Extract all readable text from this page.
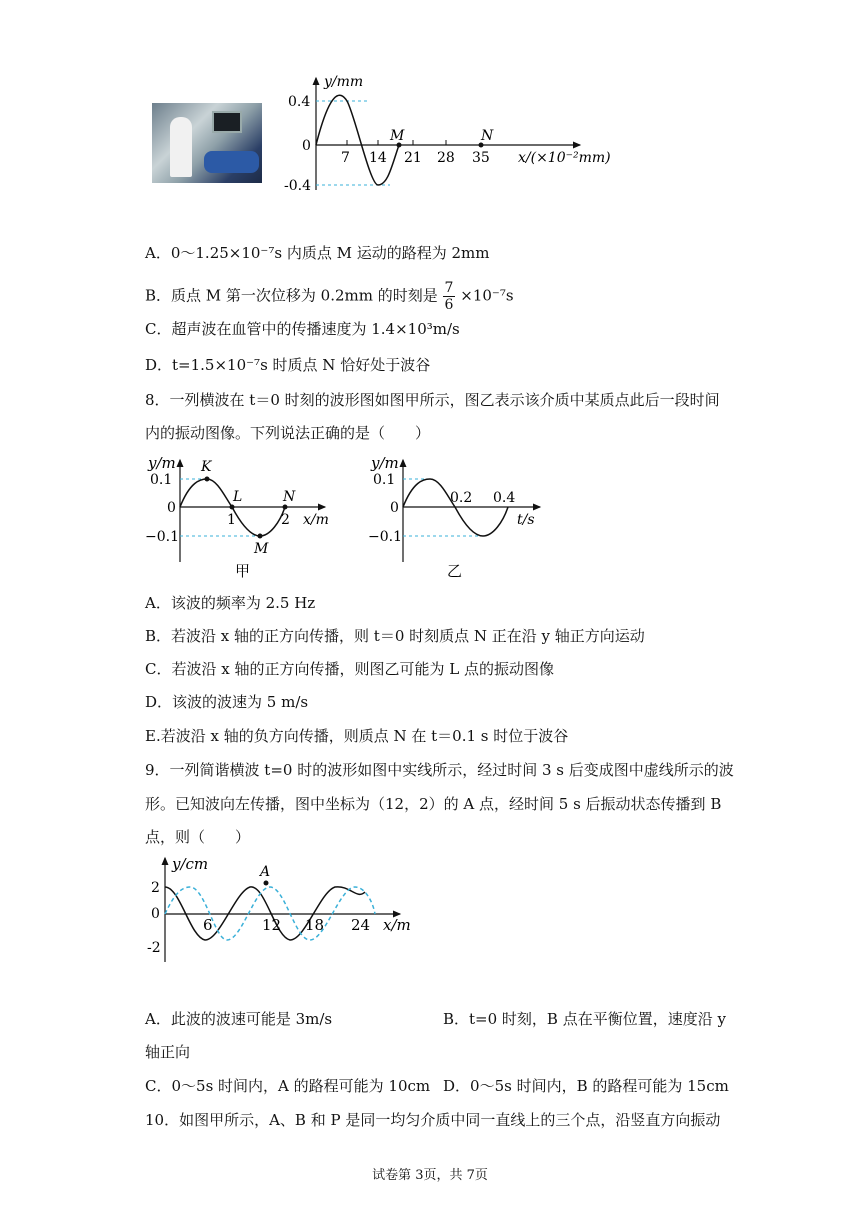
y/mm
0.4
0
-0.4
7 14 21 28 35
M	N
x/(×10⁻²mm)
A．0～1.25×10⁻⁷s 内质点 M 运动的路程为 2mm
B．质点 M 第一次位移为 0.2mm 的时刻是 $\frac{7}{6} \times 10^{-7}s$
C．超声波在血管中的传播速度为 1.4×10³m/s
D．t=1.5×10⁻⁷s 时质点 N 恰好处于波谷
8．一列横波在 t＝0 时刻的波形图如图甲所示，图乙表示该介质中某质点此后一段时间
内的振动图像。下列说法正确的是（　　）
y/m
0.1
0
−0.1
1	2 x/m
K
L	N
M
甲
y/m
0.1
0
−0.1
0.2 0.4
t/s
乙
A．该波的频率为 2.5 Hz
B．若波沿 x 轴的正方向传播，则 t＝0 时刻质点 N 正在沿 y 轴正方向运动
C．若波沿 x 轴的正方向传播，则图乙可能为 L 点的振动图像
D．该波的波速为 5 m/s
E.若波沿 x 轴的负方向传播，则质点 N 在 t＝0.1 s 时位于波谷
9．一列简谐横波 t=0 时的波形如图中实线所示，经过时间 3 s 后变成图中虚线所示的波
形。已知波向左传播，图中坐标为（12，2）的 A 点，经时间 5 s 后振动状态传播到 B
点，则（　　）
y/cm
2
0
-2
6	12 18 24 x/m
A
A．此波的波速可能是 3m/s	B．t=0 时刻，B 点在平衡位置，速度沿 y
轴正向
C．0～5s 时间内，A 的路程可能为 10cm D．0～5s 时间内，B 的路程可能为 15cm
10．如图甲所示，A、B 和 P 是同一均匀介质中同一直线上的三个点，沿竖直方向振动
试卷第 3页，共 7页
